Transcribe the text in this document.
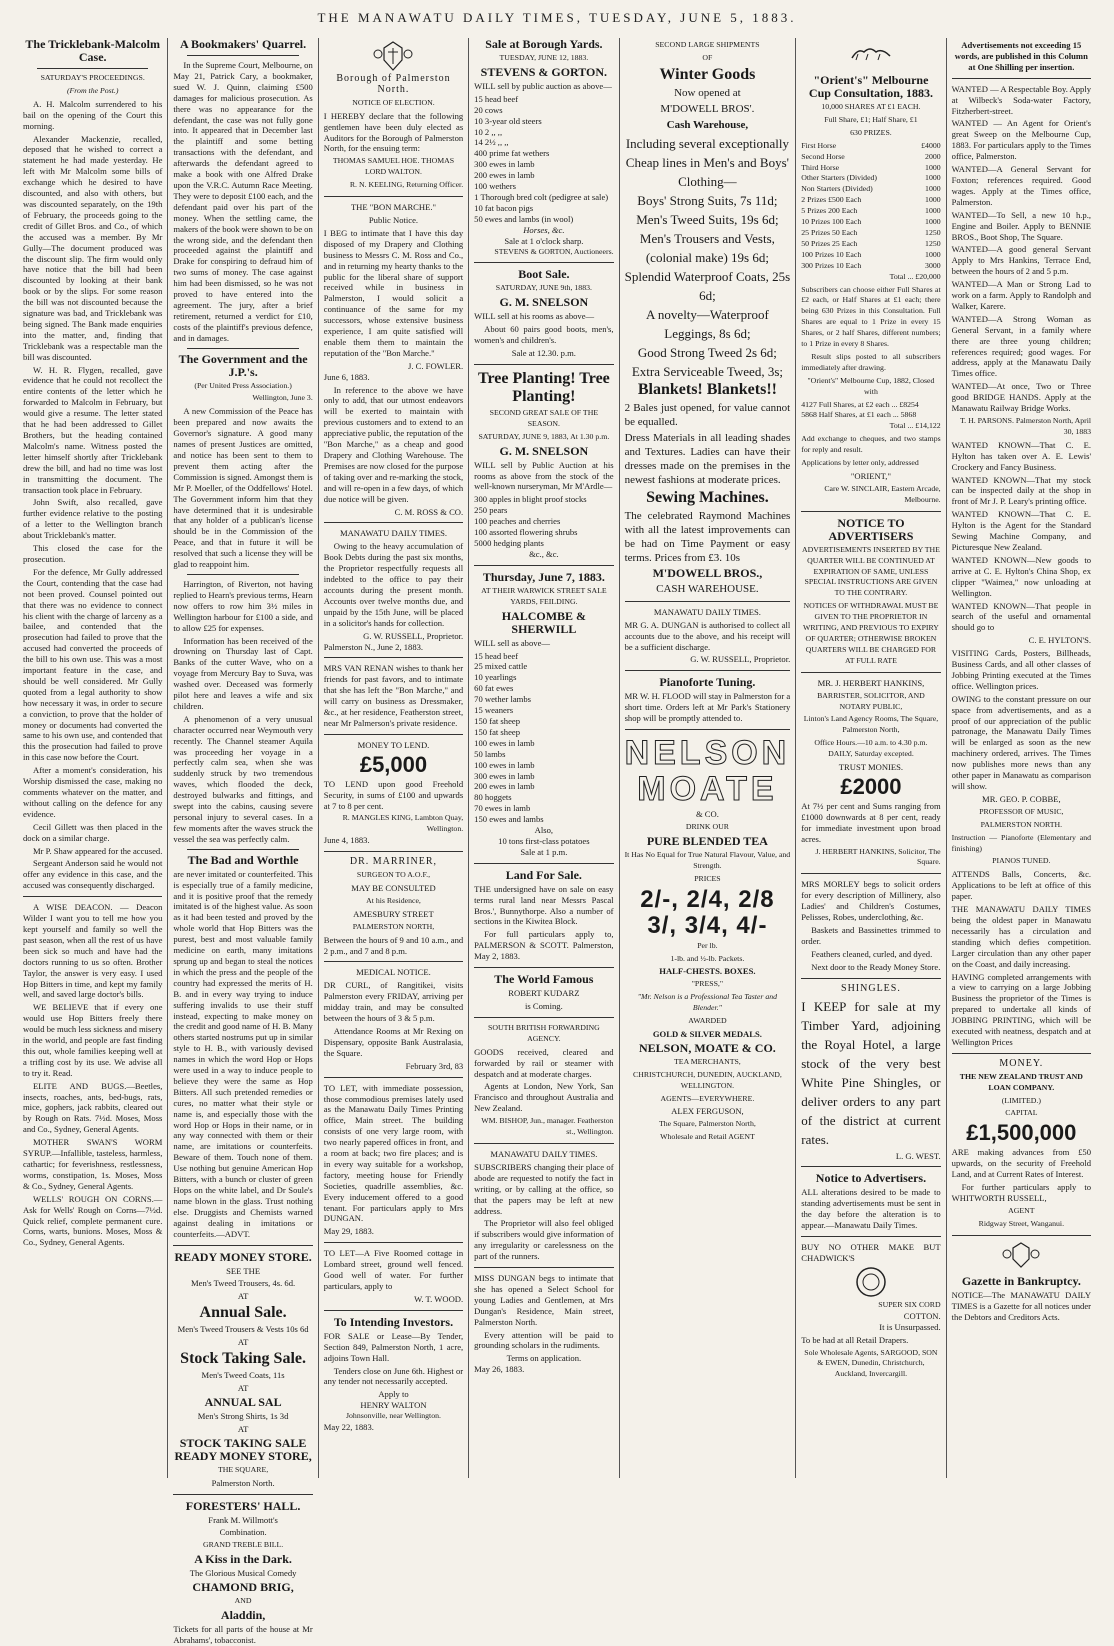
THE MANAWATU DAILY TIMES, TUESDAY, JUNE 5, 1883.
The Tricklebank-Malcolm Case.
SATURDAY'S PROCEEDINGS.
(From the Post.)

A. H. Malcolm surrendered to his bail on the opening of the Court this morning.

Alexander Mackenzie, recalled, deposed that he wished to correct a statement he had made yesterday. He left with Mr Malcolm some bills of exchange which he desired to have discounted, and also with others, but was discounted separately, on the 19th of February, the proceeds going to the credit of Gillet Bros. and Co., of which the accused was a member. By Mr Gully—The document produced was the discount slip. The firm would only have notice that the bill had been discounted by looking at their bank book or by the slips. For some reason the bill was not discounted because the signature was bad, and Tricklebank was being signed. The Bank made enquiries into the matter, and, finding that Tricklebank was a respectable man the bill was discounted.

W. H. R. Flygen, recalled, gave evidence that he could not recollect the entire contents of the letter which he forwarded to Malcolm in February, but would give a resume. The letter stated that he had been addressed to Gillet Brothers, but the heading contained Malcolm's name. Witness posted the letter himself shortly after Tricklebank drew the bill, and had no time was lost in transmitting the document. The transaction took place in February.

John Swift, also recalled, gave further evidence relative to the posting of a letter to the Wellington branch about Tricklebank's matter.

This closed the case for the prosecution.

For the defence, Mr Gully addressed the Court, contending that the case had not been proved. Counsel pointed out that there was no evidence to connect his client with the charge of larceny as a bailee, and contended that the prosecution had failed to prove that the accused had converted the proceeds of the bill to his own use. This was a most important feature in the case, and should be well considered. Mr Gully quoted from a legal authority to show how necessary it was, in order to secure a conviction, to prove that the holder of money or documents had converted the same to his own use, and contended that this the prosecution had failed to prove in this case now before the Court.

After a moment's consideration, his Worship dismissed the case, making no comments whatever on the matter, and without calling on the defence for any evidence.

Cecil Gillett was then placed in the dock on a similar charge.

Mr P. Shaw appeared for the accused.

Sergeant Anderson said he would not offer any evidence in this case, and the accused was consequently discharged.

A WISE DEACON. — Deacon Wilder I want you to tell me how you kept yourself and family so well the past season, when all the rest of us have been sick so much and have had the doctors running to us so often. Brother Taylor, the answer is very easy. I used Hop Bitters in time, and kept my family well, and saved large doctor's bills.

WE BELIEVE that if every one would use Hop Bitters freely there would be much less sickness and misery in the world, and people are fast finding this out, whole families keeping well at a trifling cost by its use. We advise all to try it. Read.

ELITE AND BUGS.—Beetles, insects, roaches, ants, bed-bugs, rats, mice, gophers, jack rabbits, cleared out by Rough on Rats. 7½d. Moses, Moss and Co., Sydney, General Agents.

MOTHER SWAN'S WORM SYRUP.—Infallible, tasteless, harmless, cathartic; for feverishness, restlessness, worms, constipation, 1s. Moses, Moss & Co., Sydney, General Agents.

WELLS' ROUGH ON CORNS.—Ask for Wells' Rough on Corns—7½d. Quick relief, complete permanent cure. Corns, warts, bunions. Moses, Moss & Co., Sydney, General Agents.

A Bookmakers' Quarrel.

In the Supreme Court, Melbourne, on May 21, Patrick Cary, a bookmaker, sued W. J. Quinn, claiming £500 damages for malicious prosecution. As there was no appearance for the defendant, the case was not fully gone into. It appeared that in December last the plaintiff and some betting transactions with the defendant, and afterwards the defendant agreed to make a book with one Alfred Drake upon the V.R.C. Autumn Race Meeting. They were to deposit £100 each, and the defendant paid over his part of the money. When the settling came, the makers of the book were shown to be on the wrong side, and the defendant then proceeded against the plaintiff and Drake for conspiring to defraud him of two sums of money. The case against him had been dismissed, so he was not proved to have entered into the agreement. The jury, after a brief retirement, returned a verdict for £10, costs of the plaintiff's previous defence, and in damages.

The Government and the J.P.'s.
(Per United Press Association.)
Wellington, June 3.

A new Commission of the Peace has been prepared and now awaits the Governor's signature. A good many names of present Justices are omitted, and notice has been sent to them to prevent them acting after the Commission is signed. Amongst them is Mr P. Moeller, of the Oddfellows' Hotel. The Government inform him that they have determined that it is undesirable that any holder of a publican's license should be in the Commission of the Peace, and that in future it will be resolved that such a license they will be glad to reappoint him.

Harrington, of Riverton, not having replied to Hearn's previous terms, Hearn now offers to row him 3½ miles in Wellington harbour for £100 a side, and to allow £25 for expenses.

Information has been received of the drowning on Thursday last of Capt. Banks of the cutter Wave, who on a voyage from Mercury Bay to Suva, was washed over. Deceased was formerly pilot here and leaves a wife and six children.

A phenomenon of a very unusual character occurred near Weymouth very recently. The Channel steamer Aquila was proceeding her voyage in a perfectly calm sea, when she was suddenly struck by two tremendous waves, which flooded the deck, destroyed bulwarks and fittings, and swept into the cabins, causing severe personal injury to several cases. In a few moments after the waves struck the vessel the sea was perfectly calm.

The Bad and Worthle

are never imitated or counterfeited. This is especially true of a family medicine, and it is positive proof that the remedy imitated is of the highest value. As soon as it had been tested and proved by the whole world that Hop Bitters was the purest, best and most valuable family medicine on earth, many imitations sprung up and began to steal the notices in which the press and the people of the country had expressed the merits of H. B. and in every way trying to induce suffering invalids to use their stuff instead, expecting to make money on the credit and good name of H. B. Many others started nostrums put up in similar style to H. B., with variously devised names in which the word Hop or Hops were used in a way to induce people to believe they were the same as Hop Bitters. All such pretended remedies or cures, no matter what their style or name is, and especially those with the word Hop or Hops in their name, or in any way connected with them or their name, are imitations or counterfeits. Beware of them. Touch none of them. Use nothing but genuine American Hop Bitters, with a bunch or cluster of green Hops on the white label, and Dr Soule's name blown in the glass. Trust nothing else. Druggists and Chemists warned against dealing in imitations or counterfeits.—ADVT.

READY MONEY STORE.
SEE THE
Men's Tweed Trousers, 4s. 6d.
AT
Annual Sale.
Men's Tweed Trousers & Vests 10s 6d
AT
Stock Taking Sale.
Men's Tweed Coats, 11s
AT
ANNUAL SAL
Men's Strong Shirts, 1s 3d
AT
STOCK TAKING SALE
READY MONEY STORE,
THE SQUARE,
Palmerston North.
FORESTERS' HALL.
Frank M. Willmott's
Combination.
GRAND TREBLE BILL.
A Kiss in the Dark.
The Glorious Musical Comedy
CHAMOND BRIG,
AND
Aladdin,

Tickets for all parts of the house at Mr Abrahams', tobacconist.

Borough of Palmerston North.
NOTICE OF ELECTION.

I HEREBY declare that the following gentlemen have been duly elected as Auditors for the Borough of Palmerston North, for the ensuing term:

THOMAS SAMUEL HOE. THOMAS LORD WALTON.
R. N. KEELING, Returning Officer.
THE "BON MARCHE."
Public Notice.

I BEG to intimate that I have this day disposed of my Drapery and Clothing business to Messrs C. M. Ross and Co., and in returning my hearty thanks to the public for the liberal share of support received while in business in Palmerston, I would solicit a continuance of the same for my successors, whose extensive business experience, I am quite satisfied will enable them them to maintain the reputation of the "Bon Marche."

J. C. FOWLER.
June 6, 1883.

In reference to the above we have only to add, that our utmost endeavors will be exerted to maintain with previous customers and to extend to an appreciative public, the reputation of the "Bon Marche," as a cheap and good Drapery and Clothing Warehouse. The Premises are now closed for the purpose of taking over and re-marking the stock, and will re-open in a few days, of which due notice will be given.

C. M. ROSS & CO.
MANAWATU DAILY TIMES.

Owing to the heavy accumulation of Book Debts during the past six months, the Proprietor respectfully requests all indebted to the office to pay their accounts during the present month. Accounts over twelve months due, and unpaid by the 15th June, will be placed in a solicitor's hands for collection.

G. W. RUSSELL, Proprietor.
Palmerston N., June 2, 1883.

MRS VAN RENAN wishes to thank her friends for past favors, and to intimate that she has left the "Bon Marche," and will carry on business as Dressmaker, &c., at her residence, Featherston street, near Mr Palmerson's private residence.

MONEY TO LEND.
£5,000

TO LEND upon good Freehold Security, in sums of £100 and upwards at 7 to 8 per cent.

R. MANGLES KING, Lambton Quay, Wellington.
June 4, 1883.
DR. MARRINER,
SURGEON TO A.O.F.,
MAY BE CONSULTED
At his Residence,
AMESBURY STREET
PALMERSTON NORTH,

Between the hours of 9 and 10 a.m., and 2 p.m., and 7 and 8 p.m.

MEDICAL NOTICE.

DR CURL, of Rangitikei, visits Palmerston every FRIDAY, arriving per midday train, and may be consulted between the hours of 3 & 5 p.m.

Attendance Rooms at Mr Rexing on Dispensary, opposite Bank Australasia, the Square.

February 3rd, 83

TO LET, with immediate possession, those commodious premises lately used as the Manawatu Daily Times Printing office, Main street. The building consists of one very large room, with two nearly papered offices in front, and a room at back; two fire places; and is in every way suitable for a workshop, factory, meeting house for Friendly Societies, quadrille assemblies, &c. Every inducement offered to a good tenant. For particulars apply to Mrs DUNGAN.

May 29, 1883.

TO LET—A Five Roomed cottage in Lombard street, ground well fenced. Good well of water. For further particulars, apply to

W. T. WOOD.
To Intending Investors.

FOR SALE or Lease—By Tender, Section 849, Palmerston North, 1 acre, adjoins Town Hall.

Tenders close on June 6th. Highest or any tender not necessarily accepted.

Apply to
HENRY WALTON
Johnsonville, near Wellington.
May 22, 1883.
Sale at Borough Yards.
TUESDAY, JUNE 12, 1883.
STEVENS & GORTON.

WILL sell by public auction as above—

15 head beef
20 cows
10 3-year old steers
10 2 ,, ,,
14 2½ ,, ,,
400 prime fat wethers
300 ewes in lamb
200 ewes in lamb
100 wethers
1 Thorough bred colt (pedigree at sale)
10 fat bacon pigs
50 ewes and lambs (in wool)
Horses, &c.
Sale at 1 o'clock sharp.
STEVENS & GORTON, Auctioneers.
Boot Sale.
SATURDAY, JUNE 9th, 1883.
G. M. SNELSON

WILL sell at his rooms as above—

About 60 pairs good boots, men's, women's and children's.

Sale at 12.30. p.m.
Tree Planting! Tree Planting!
SECOND GREAT SALE OF THE SEASON.
SATURDAY, JUNE 9, 1883, At 1.30 p.m.
G. M. SNELSON

WILL sell by Public Auction at his rooms as above from the stock of the well-known nurseryman, Mr M'Ardle—

300 apples in blight proof stocks
250 pears
100 peaches and cherries
100 assorted flowering shrubs
5000 hedging plants
&c., &c.
Thursday, June 7, 1883.
AT THEIR WARWICK STREET SALE YARDS, FEILDING.
HALCOMBE & SHERWILL

WILL sell as above—

15 head beef
25 mixed cattle
10 yearlings
60 fat ewes
70 wether lambs
15 weaners
150 fat sheep
150 fat sheep
100 ewes in lamb
50 lambs
100 ewes in lamb
300 ewes in lamb
200 ewes in lamb
80 hoggets
70 ewes in lamb
150 ewes and lambs
Also,
10 tons first-class potatoes
Sale at 1 p.m.
Land For Sale.

THE undersigned have on sale on easy terms rural land near Messrs Pascal Bros.', Bunnythorpe. Also a number of sections in the Kiwitea Block.

For full particulars apply to, PALMERSON & SCOTT. Palmerston, May 2, 1883.

The World Famous
ROBERT KUDARZ
is Coming.
SOUTH BRITISH FORWARDING AGENCY.

GOODS received, cleared and forwarded by rail or steamer with despatch and at moderate charges.

Agents at London, New York, San Francisco and throughout Australia and New Zealand.

WM. BISHOP, Jun., manager. Featherston st., Wellington.
MANAWATU DAILY TIMES.

SUBSCRIBERS changing their place of abode are requested to notify the fact in writing, or by calling at the office, so that the papers may be left at new address.

The Proprietor will also feel obliged if subscribers would give information of any irregularity or carelessness on the part of the runners.

MISS DUNGAN begs to intimate that she has opened a Select School for young Ladies and Gentlemen, at Mrs Dungan's Residence, Main street, Palmerston North.

Every attention will be paid to grounding scholars in the rudiments.

Terms on application.
May 26, 1883.
SECOND LARGE SHIPMENTS
OF
Winter Goods
Now opened at
M'DOWELL BROS'.
Cash Warehouse,
Including several exceptionally Cheap lines in Men's and Boys' Clothing—
Boys' Strong Suits, 7s 11d;
Men's Tweed Suits, 19s 6d;
Men's Trousers and Vests, (colonial make) 19s 6d;
Splendid Waterproof Coats, 25s 6d;
A novelty—Waterproof Leggings, 8s 6d;
Good Strong Tweed 2s 6d;
Extra Serviceable Tweed, 3s;
Blankets! Blankets!!

2 Bales just opened, for value cannot be equalled.

Dress Materials in all leading shades and Textures. Ladies can have their dresses made on the premises in the newest fashions at moderate prices.

Sewing Machines.

The celebrated Raymond Machines with all the latest improvements can be had on Time Payment or easy terms. Prices from £3. 10s

M'DOWELL BROS.,
CASH WAREHOUSE.
MANAWATU DAILY TIMES.

MR G. A. DUNGAN is authorised to collect all accounts due to the above, and his receipt will be a sufficient discharge.

G. W. RUSSELL, Proprietor.
Pianoforte Tuning.

MR W. H. FLOOD will stay in Palmerston for a short time. Orders left at Mr Park's Stationery shop will be promptly attended to.

NELSON
MOATE
& CO.
DRINK OUR
PURE BLENDED TEA
It Has No Equal for True Natural Flavour, Value, and Strength.
PRICES
2/-, 2/4, 2/8
3/, 3/4, 4/-
Per lb.
1-lb. and ½-lb. Packets.
HALF-CHESTS. BOXES.
"PRESS,"
"Mr. Nelson is a Professional Tea Taster and Blender."
AWARDED
GOLD & SILVER MEDALS.
NELSON, MOATE & CO.
TEA MERCHANTS,
CHRISTCHURCH, DUNEDIN, AUCKLAND, WELLINGTON.
AGENTS—EVERYWHERE.
ALEX FERGUSON,
The Square, Palmerston North,
Wholesale and Retail AGENT
"Orient's" Melbourne Cup Consultation, 1883.
10,000 SHARES AT £1 EACH.
Full Share, £1; Half Share, £1
630 PRIZES.
First Horse	£4000
Second Horse	2000
Third Horse	1000
Other Starters (Divided)	1000
Non Starters (Divided)	1000
2 Prizes £500 Each	1000
5 Prizes 200 Each	1000
10 Prizes 100 Each	1000
25 Prizes 50 Each	1250
50 Prizes 25 Each	1250
100 Prizes 10 Each	1000
300 Prizes 10 Each	3000
Total ... £20,000

Subscribers can choose either Full Shares at £2 each, or Half Shares at £1 each; there being 630 Prizes in this Consultation. Full Shares are equal to 1 Prize in every 15 Shares, or 2 half Shares, different numbers; to 1 Prize in every 8 Shares.

Result slips posted to all subscribers immediately after drawing.

"Orient's" Melbourne Cup, 1882, Closed with
4127 Full Shares, at £2 each ... £8254
5868 Half Shares, at £1 each ... 5868
Total ... £14,122

Add exchange to cheques, and two stamps for reply and result.

Applications by letter only, addressed

"ORIENT,"
Care W. SINCLAIR, Eastern Arcade, Melbourne.
NOTICE TO ADVERTISERS

ADVERTISEMENTS INSERTED BY THE QUARTER WILL BE CONTINUED AT EXPIRATION OF SAME, UNLESS SPECIAL INSTRUCTIONS ARE GIVEN TO THE CONTRARY.

NOTICES OF WITHDRAWAL MUST BE GIVEN TO THE PROPRIETOR IN WRITING, AND PREVIOUS TO EXPIRY OF QUARTER; OTHERWISE BROKEN QUARTERS WILL BE CHARGED FOR AT FULL RATE

MR. J. HERBERT HANKINS,
BARRISTER, SOLICITOR, AND NOTARY PUBLIC,
Linton's Land Agency Rooms, The Square, Palmerston North,
Office Hours.—10 a.m. to 4.30 p.m. DAILY, Saturday excepted.
TRUST MONIES.
£2000

At 7½ per cent and Sums ranging from £1000 downwards at 8 per cent, ready for immediate investment upon broad acres.

J. HERBERT HANKINS, Solicitor, The Square.

MRS MORLEY begs to solicit orders for every description of Millinery, also Ladies' and Children's Costumes, Pelisses, Robes, underclothing, &c.

Baskets and Bassinettes trimmed to order.

Feathers cleaned, curled, and dyed.

Next door to the Ready Money Store.

SHINGLES.

I KEEP for sale at my Timber Yard, adjoining the Royal Hotel, a large stock of the very best White Pine Shingles, or deliver orders to any part of the district at current rates.

L. G. WEST.
Notice to Advertisers.

ALL alterations desired to be made to standing advertisements must be sent in the day before the alteration is to appear.—Manawatu Daily Times.

BUY NO OTHER MAKE BUT CHADWICK'S

SUPER SIX CORD
COTTON.
It is Unsurpassed.

To be had at all Retail Drapers.

Sole Wholesale Agents, SARGOOD, SON & EWEN, Dunedin, Christchurch, Auckland, Invercargill.

Advertisements not exceeding 15 words, are published in this Column at One Shilling per insertion.

WANTED — A Respectable Boy. Apply at Wilbeck's Soda-water Factory, Fitzherbert-street.

WANTED — An Agent for Orient's great Sweep on the Melbourne Cup, 1883. For particulars apply to the Times office, Palmerston.

WANTED—A General Servant for Foxton; references required. Good wages. Apply at the Times office, Palmerston.

WANTED—To Sell, a new 10 h.p., Engine and Boiler. Apply to BENNIE BROS., Boot Shop, The Square.

WANTED—A good general Servant Apply to Mrs Hankins, Terrace End, between the hours of 2 and 5 p.m.

WANTED—A Man or Strong Lad to work on a farm. Apply to Randolph and Walker, Karere.

WANTED—A Strong Woman as General Servant, in a family where there are three young children; references required; good wages. For address, apply at the Manawatu Daily Times office.

WANTED—At once, Two or Three good BRIDGE HANDS. Apply at the Manawatu Railway Bridge Works.

T. H. PARSONS. Palmerston North, April 30, 1883

WANTED KNOWN—That C. E. Hylton has taken over A. E. Lewis' Crockery and Fancy Business.

WANTED KNOWN—That my stock can be inspected daily at the shop in front of Mr J. P. Leary's printing office.

WANTED KNOWN—That C. E. Hylton is the Agent for the Standard Sewing Machine Company, and Picturesque New Zealand.

WANTED KNOWN—New goods to arrive at C. E. Hylton's China Shop, ex clipper "Waimea," now unloading at Wellington.

WANTED KNOWN—That people in search of the useful and ornamental should go to

C. E. HYLTON'S.

VISITING Cards, Posters, Billheads, Business Cards, and all other classes of Jobbing Printing executed at the Times office. Wellington prices.

OWING to the constant pressure on our space from advertisements, and as a proof of our appreciation of the public patronage, the Manawatu Daily Times will be enlarged as soon as the new machinery ordered, arrives. The Times now publishes more news than any other paper in Manawatu as comparison will show.

MR. GEO. P. COBBE,
PROFESSOR OF MUSIC,
PALMERSTON NORTH.

Instruction — Pianoforte (Elementary and finishing)

PIANOS TUNED.

ATTENDS Balls, Concerts, &c. Applications to be left at office of this paper.

THE MANAWATU DAILY TIMES being the oldest paper in Manawatu necessarily has a circulation and standing which defies competition. Larger circulation than any other paper on the Coast, and daily increasing.

HAVING completed arrangements with a view to carrying on a large Jobbing Business the proprietor of the Times is prepared to undertake all kinds of JOBBING PRINTING, which will be executed with neatness, despatch and at Wellington Prices

MONEY.
THE NEW ZEALAND TRUST AND LOAN COMPANY.
(LIMITED.)
CAPITAL
£1,500,000

ARE making advances from £50 upwards, on the security of Freehold Land, and at Current Rates of Interest.

For further particulars apply to WHITWORTH RUSSELL,

AGENT
Ridgway Street, Wanganui.
Gazette in Bankruptcy.

NOTICE—The MANAWATU DAILY TIMES is a Gazette for all notices under the Debtors and Creditors Acts.
